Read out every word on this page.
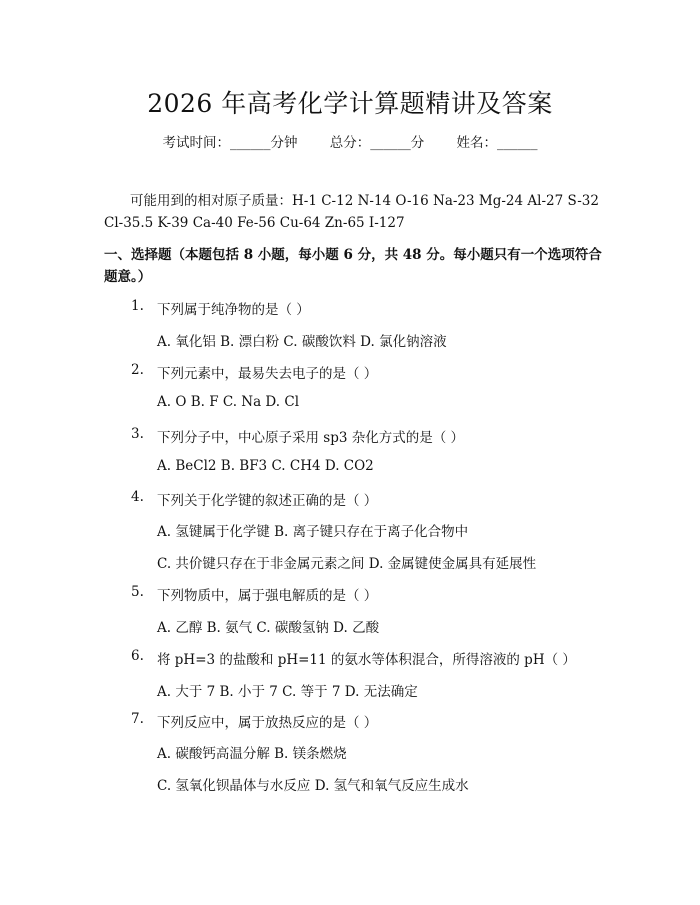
2026 年高考化学计算题精讲及答案
考试时间：______分钟 总分：______分 姓名：______
可能用到的相对原子质量：H-1 C-12 N-14 O-16 Na-23 Mg-24 Al-27 S-32
Cl-35.5 K-39 Ca-40 Fe-56 Cu-64 Zn-65 I-127
一、选择题（本题包括 8 小题，每小题 6 分，共 48 分。每小题只有一个选项符合
题意。）
1. 下列属于纯净物的是（ ）
A. 氧化铝 B. 漂白粉 C. 碳酸饮料 D. 氯化钠溶液
2. 下列元素中，最易失去电子的是（ ）
A. O B. F C. Na D. Cl
3. 下列分子中，中心原子采用 sp3 杂化方式的是（ ）
A. BeCl2 B. BF3 C. CH4 D. CO2
4. 下列关于化学键的叙述正确的是（ ）
A. 氢键属于化学键 B. 离子键只存在于离子化合物中
C. 共价键只存在于非金属元素之间 D. 金属键使金属具有延展性
5. 下列物质中，属于强电解质的是（ ）
A. 乙醇 B. 氨气 C. 碳酸氢钠 D. 乙酸
6. 将 pH=3 的盐酸和 pH=11 的氨水等体积混合，所得溶液的 pH（ ）
A. 大于 7 B. 小于 7 C. 等于 7 D. 无法确定
7. 下列反应中，属于放热反应的是（ ）
A. 碳酸钙高温分解 B. 镁条燃烧
C. 氢氧化钡晶体与水反应 D. 氢气和氧气反应生成水
